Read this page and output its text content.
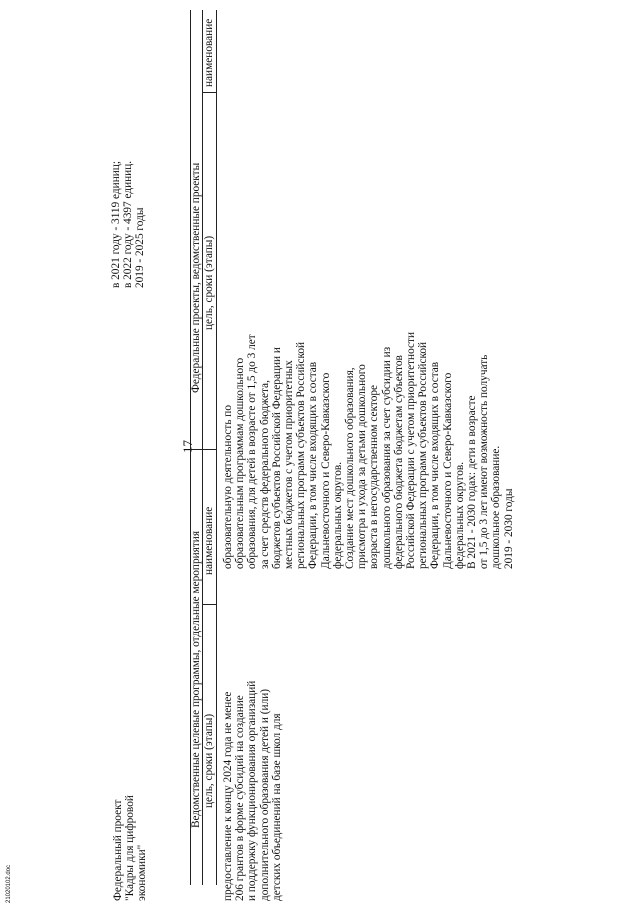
17
21020102.doc
Федеральные проекты, ведомственные проекты
Ведомственные целевые программы, отдельные мероприятия
наименование
цель, сроки (этапы)
наименование
цель, сроки (этапы)
образовательную деятельность по образовательным программам дошкольного образования, для детей в возрасте от 1,5 до 3 лет за счет средств федерального бюджета, бюджетов субъектов Российской Федерации и местных бюджетов с учетом приоритетных региональных программ субъектов Российской Федерации, в том числе входящих в состав Дальневосточного и Северо-Кавказского федеральных округов. Создание мест дошкольного образования, присмотра и ухода за детьми дошкольного возраста в негосударственном секторе дошкольного образования за счет субсидии из федерального бюджета бюджетам субъектов Российской Федерации с учетом приоритетности региональных программ субъектов Российской Федерации, в том числе входящих в состав Дальневосточного и Северо-Кавказского федеральных округов. В 2021 - 2030 годах: дети в возрасте от 1,5 до 3 лет имеют возможность получать дошкольное образование. 2019 - 2030 годы
в 2021 году - 3119 единиц; в 2022 году - 4397 единиц. 2019 - 2025 годы
Федеральный проект "Кадры для цифровой экономики"	предоставление к концу 2024 года не менее 206 грантов в форме субсидий на создание и поддержку функционирования организаций дополнительного образования детей и (или) детских объединений на базе школ для
